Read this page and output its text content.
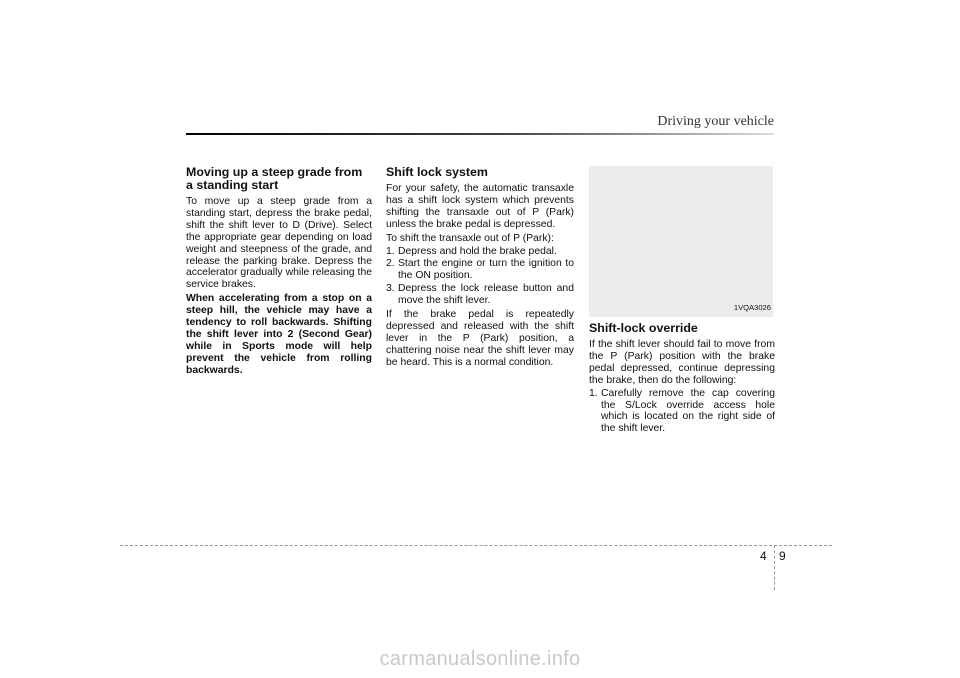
Driving your vehicle
Moving up a steep grade from a standing start

To move up a steep grade from a standing start, depress the brake pedal, shift the shift lever to D (Drive). Select the appropriate gear depending on load weight and steepness of the grade, and release the parking brake. Depress the accelerator gradually while releasing the service brakes.

When accelerating from a stop on a steep hill, the vehicle may have a tendency to roll backwards. Shifting the shift lever into 2 (Second Gear) while in Sports mode will help prevent the vehicle from rolling backwards.

Shift lock system

For your safety, the automatic transaxle has a shift lock system which prevents shifting the transaxle out of P (Park) unless the brake pedal is depressed.

To shift the transaxle out of P (Park):

1. Depress and hold the brake pedal.
2. Start the engine or turn the ignition to the ON position.
3. Depress the lock release button and move the shift lever.

If the brake pedal is repeatedly depressed and released with the shift lever in the P (Park) position, a chattering noise near the shift lever may be heard. This is a normal condition.

1VQA3026
Shift-lock override

If the shift lever should fail to move from the P (Park) position with the brake pedal depressed, continue depressing the brake, then do the following:

1. Carefully remove the cap covering the S/Lock override access hole which is located on the right side of the shift lever.
4 9
carmanualsonline.info
